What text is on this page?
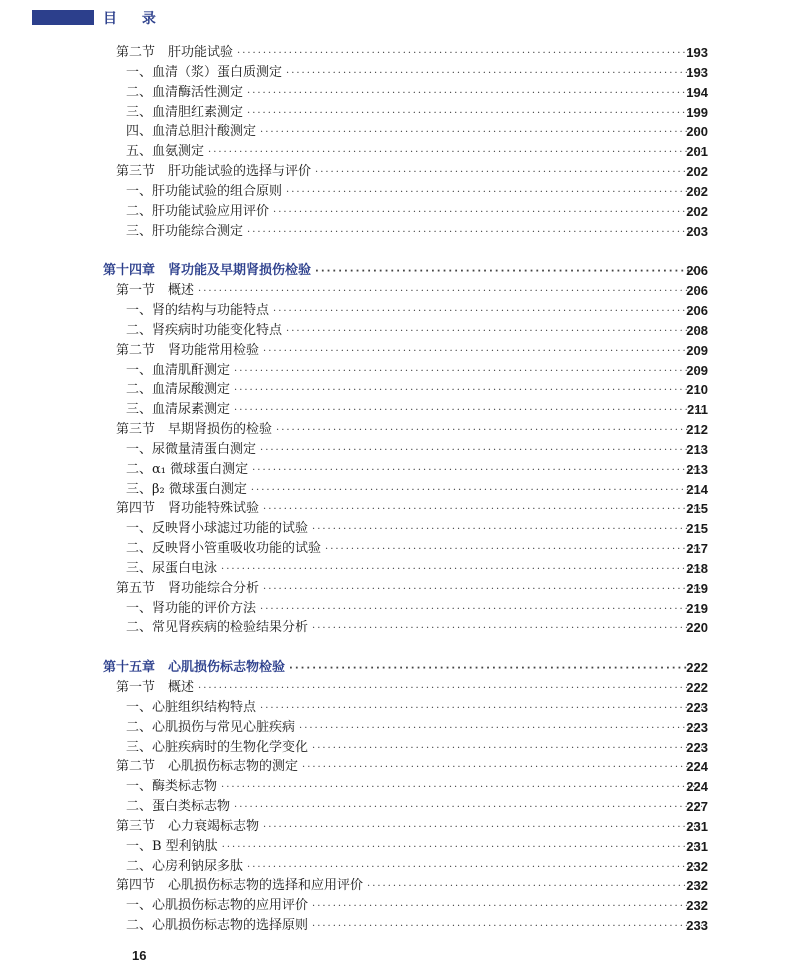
目 录
第二节　肝功能试验 ·····	193
一、血清（浆）蛋白质测定 ·····	193
二、血清酶活性测定 ·····	194
三、血清胆红素测定 ·····	199
四、血清总胆汁酸测定 ·····	200
五、血氨测定 ·····	201
第三节　肝功能试验的选择与评价 ·····	202
一、肝功能试验的组合原则 ·····	202
二、肝功能试验应用评价 ·····	202
三、肝功能综合测定 ·····	203
第十四章　肾功能及早期肾损伤检验 ·····	206
第一节　概述 ·····	206
一、肾的结构与功能特点 ·····	206
二、肾疾病时功能变化特点 ·····	208
第二节　肾功能常用检验 ·····	209
一、血清肌酐测定 ·····	209
二、血清尿酸测定 ·····	210
三、血清尿素测定 ·····	211
第三节　早期肾损伤的检验 ·····	212
一、尿微量清蛋白测定 ·····	213
二、α₁ 微球蛋白测定 ·····	213
三、β₂ 微球蛋白测定 ·····	214
第四节　肾功能特殊试验 ·····	215
一、反映肾小球滤过功能的试验 ·····	215
二、反映肾小管重吸收功能的试验 ·····	217
三、尿蛋白电泳 ·····	218
第五节　肾功能综合分析 ·····	219
一、肾功能的评价方法 ·····	219
二、常见肾疾病的检验结果分析 ·····	220
第十五章　心肌损伤标志物检验 ·····	222
第一节　概述 ·····	222
一、心脏组织结构特点 ·····	223
二、心肌损伤与常见心脏疾病 ·····	223
三、心脏疾病时的生物化学变化 ·····	223
第二节　心肌损伤标志物的测定 ·····	224
一、酶类标志物 ·····	224
二、蛋白类标志物 ·····	227
第三节　心力衰竭标志物 ·····	231
一、B 型利钠肽 ·····	231
二、心房利钠尿多肽 ·····	232
第四节　心肌损伤标志物的选择和应用评价 ·····	232
一、心肌损伤标志物的应用评价 ·····	232
二、心肌损伤标志物的选择原则 ·····	233
16
